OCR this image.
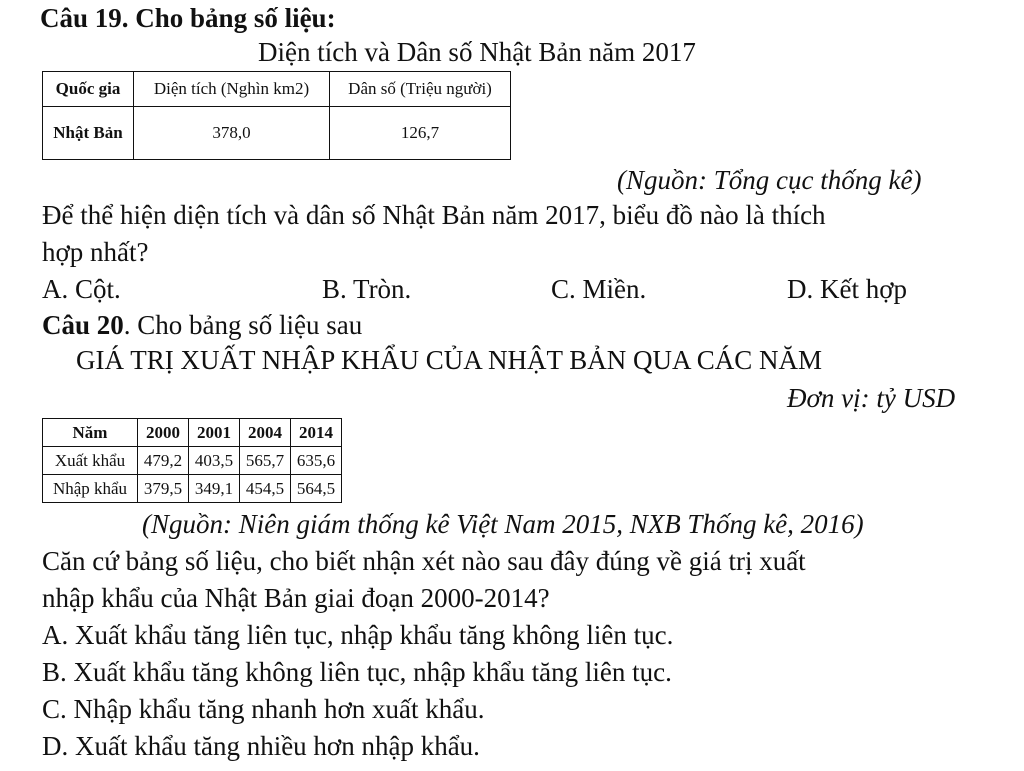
Câu 19. Cho bảng số liệu:
Diện tích và Dân số Nhật Bản năm 2017
Quốc gia	Diện tích (Nghìn km2)	Dân số (Triệu người)
Nhật Bản	378,0	126,7
(Nguồn: Tổng cục thống kê)
Để thể hiện diện tích và dân số Nhật Bản năm 2017, biểu đồ nào là thích
hợp nhất?
A. Cột.	B. Tròn.	C. Miền.	D. Kết hợp
Câu 20. Cho bảng số liệu sau
GIÁ TRỊ XUẤT NHẬP KHẨU CỦA NHẬT BẢN QUA CÁC NĂM
Đơn vị: tỷ USD
Năm	2000	2001	2004	2014
Xuất khẩu	479,2	403,5	565,7	635,6
Nhập khẩu	379,5	349,1	454,5	564,5
(Nguồn: Niên giám thống kê Việt Nam 2015, NXB Thống kê, 2016)
Căn cứ bảng số liệu, cho biết nhận xét nào sau đây đúng về giá trị xuất
nhập khẩu của Nhật Bản giai đoạn 2000-2014?
A. Xuất khẩu tăng liên tục, nhập khẩu tăng không liên tục.
B. Xuất khẩu tăng không liên tục, nhập khẩu tăng liên tục.
C. Nhập khẩu tăng nhanh hơn xuất khẩu.
D. Xuất khẩu tăng nhiều hơn nhập khẩu.
